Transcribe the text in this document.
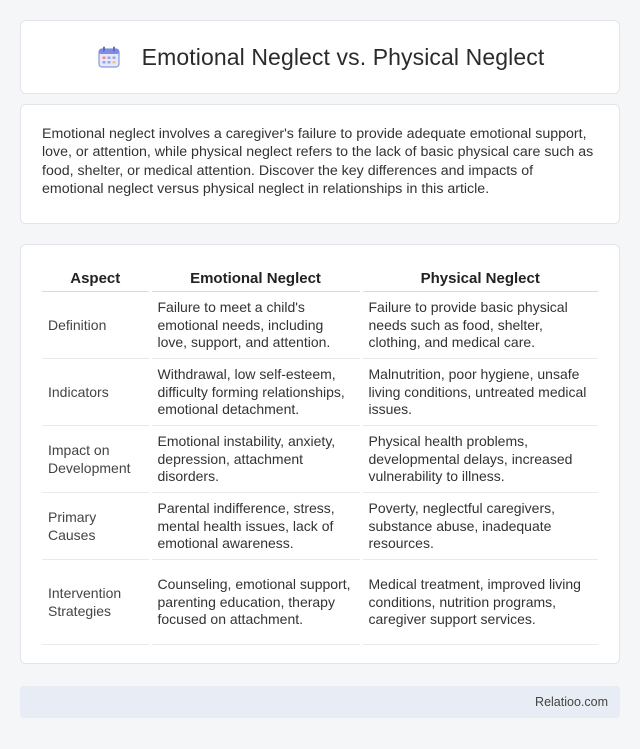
Emotional Neglect vs. Physical Neglect

Emotional neglect involves a caregiver's failure to provide adequate emotional support, love, or attention, while physical neglect refers to the lack of basic physical care such as food, shelter, or medical attention. Discover the key differences and impacts of emotional neglect versus physical neglect in relationships in this article.

Aspect	Emotional Neglect	Physical Neglect
Definition	Failure to meet a child's emotional needs, including love, support, and attention.	Failure to provide basic physical needs such as food, shelter, clothing, and medical care.
Indicators	Withdrawal, low self-esteem, difficulty forming relationships, emotional detachment.	Malnutrition, poor hygiene, unsafe living conditions, untreated medical issues.
Impact on Development	Emotional instability, anxiety, depression, attachment disorders.	Physical health problems, developmental delays, increased vulnerability to illness.
Primary Causes	Parental indifference, stress, mental health issues, lack of emotional awareness.	Poverty, neglectful caregivers, substance abuse, inadequate resources.
Intervention Strategies	Counseling, emotional support, parenting education, therapy focused on attachment.	Medical treatment, improved living conditions, nutrition programs, caregiver support services.
Relatioo.com
